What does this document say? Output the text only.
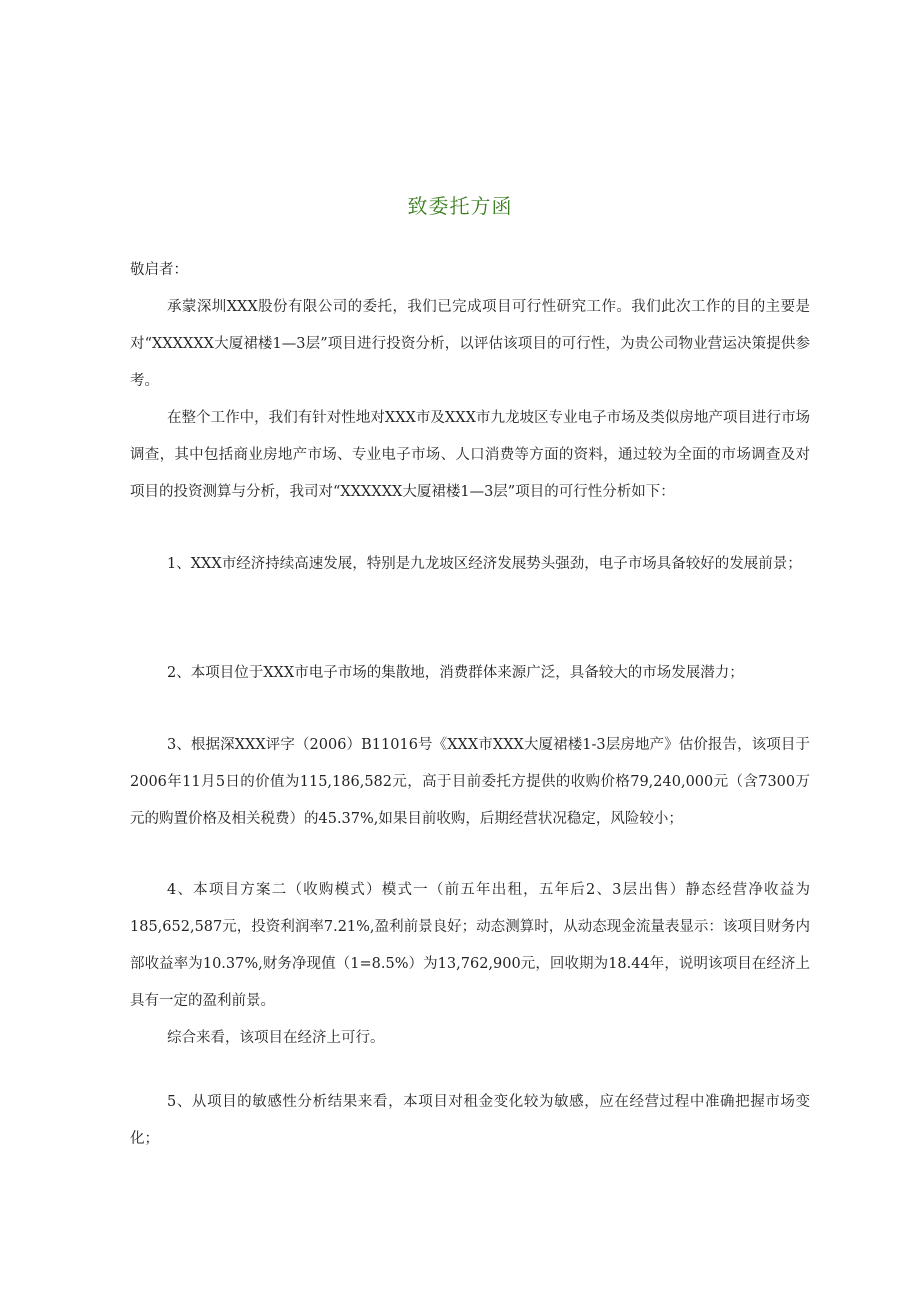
致委托方函
敬启者：

承蒙深圳XXX股份有限公司的委托，我们已完成项目可行性研究工作。我们此次工作的目的主要是对“XXXXXX大厦裙楼1—3层”项目进行投资分析，以评估该项目的可行性，为贵公司物业营运决策提供参考。

在整个工作中，我们有针对性地对XXX市及XXX市九龙坡区专业电子市场及类似房地产项目进行市场调查，其中包括商业房地产市场、专业电子市场、人口消费等方面的资料，通过较为全面的市场调查及对项目的投资测算与分析，我司对“XXXXXX大厦裙楼1—3层”项目的可行性分析如下：

1、XXX市经济持续高速发展，特别是九龙坡区经济发展势头强劲，电子市场具备较好的发展前景；

2、本项目位于XXX市电子市场的集散地，消费群体来源广泛，具备较大的市场发展潜力；

3、根据深XXX评字（2006）B11016号《XXX市XXX大厦裙楼1-3层房地产》估价报告，该项目于2006年11月5日的价值为115,186,582元，高于目前委托方提供的收购价格79,240,000元（含7300万元的购置价格及相关税费）的45.37%,如果目前收购，后期经营状况稳定，风险较小；

4、本项目方案二（收购模式）模式一（前五年出租，五年后2、3层出售）静态经营净收益为185,652,587元，投资利润率7.21%,盈利前景良好；动态测算时，从动态现金流量表显示：该项目财务内部收益率为10.37%,财务净现值（1=8.5%）为13,762,900元，回收期为18.44年，说明该项目在经济上具有一定的盈利前景。

综合来看，该项目在经济上可行。

5、从项目的敏感性分析结果来看，本项目对租金变化较为敏感，应在经营过程中准确把握市场变化；
